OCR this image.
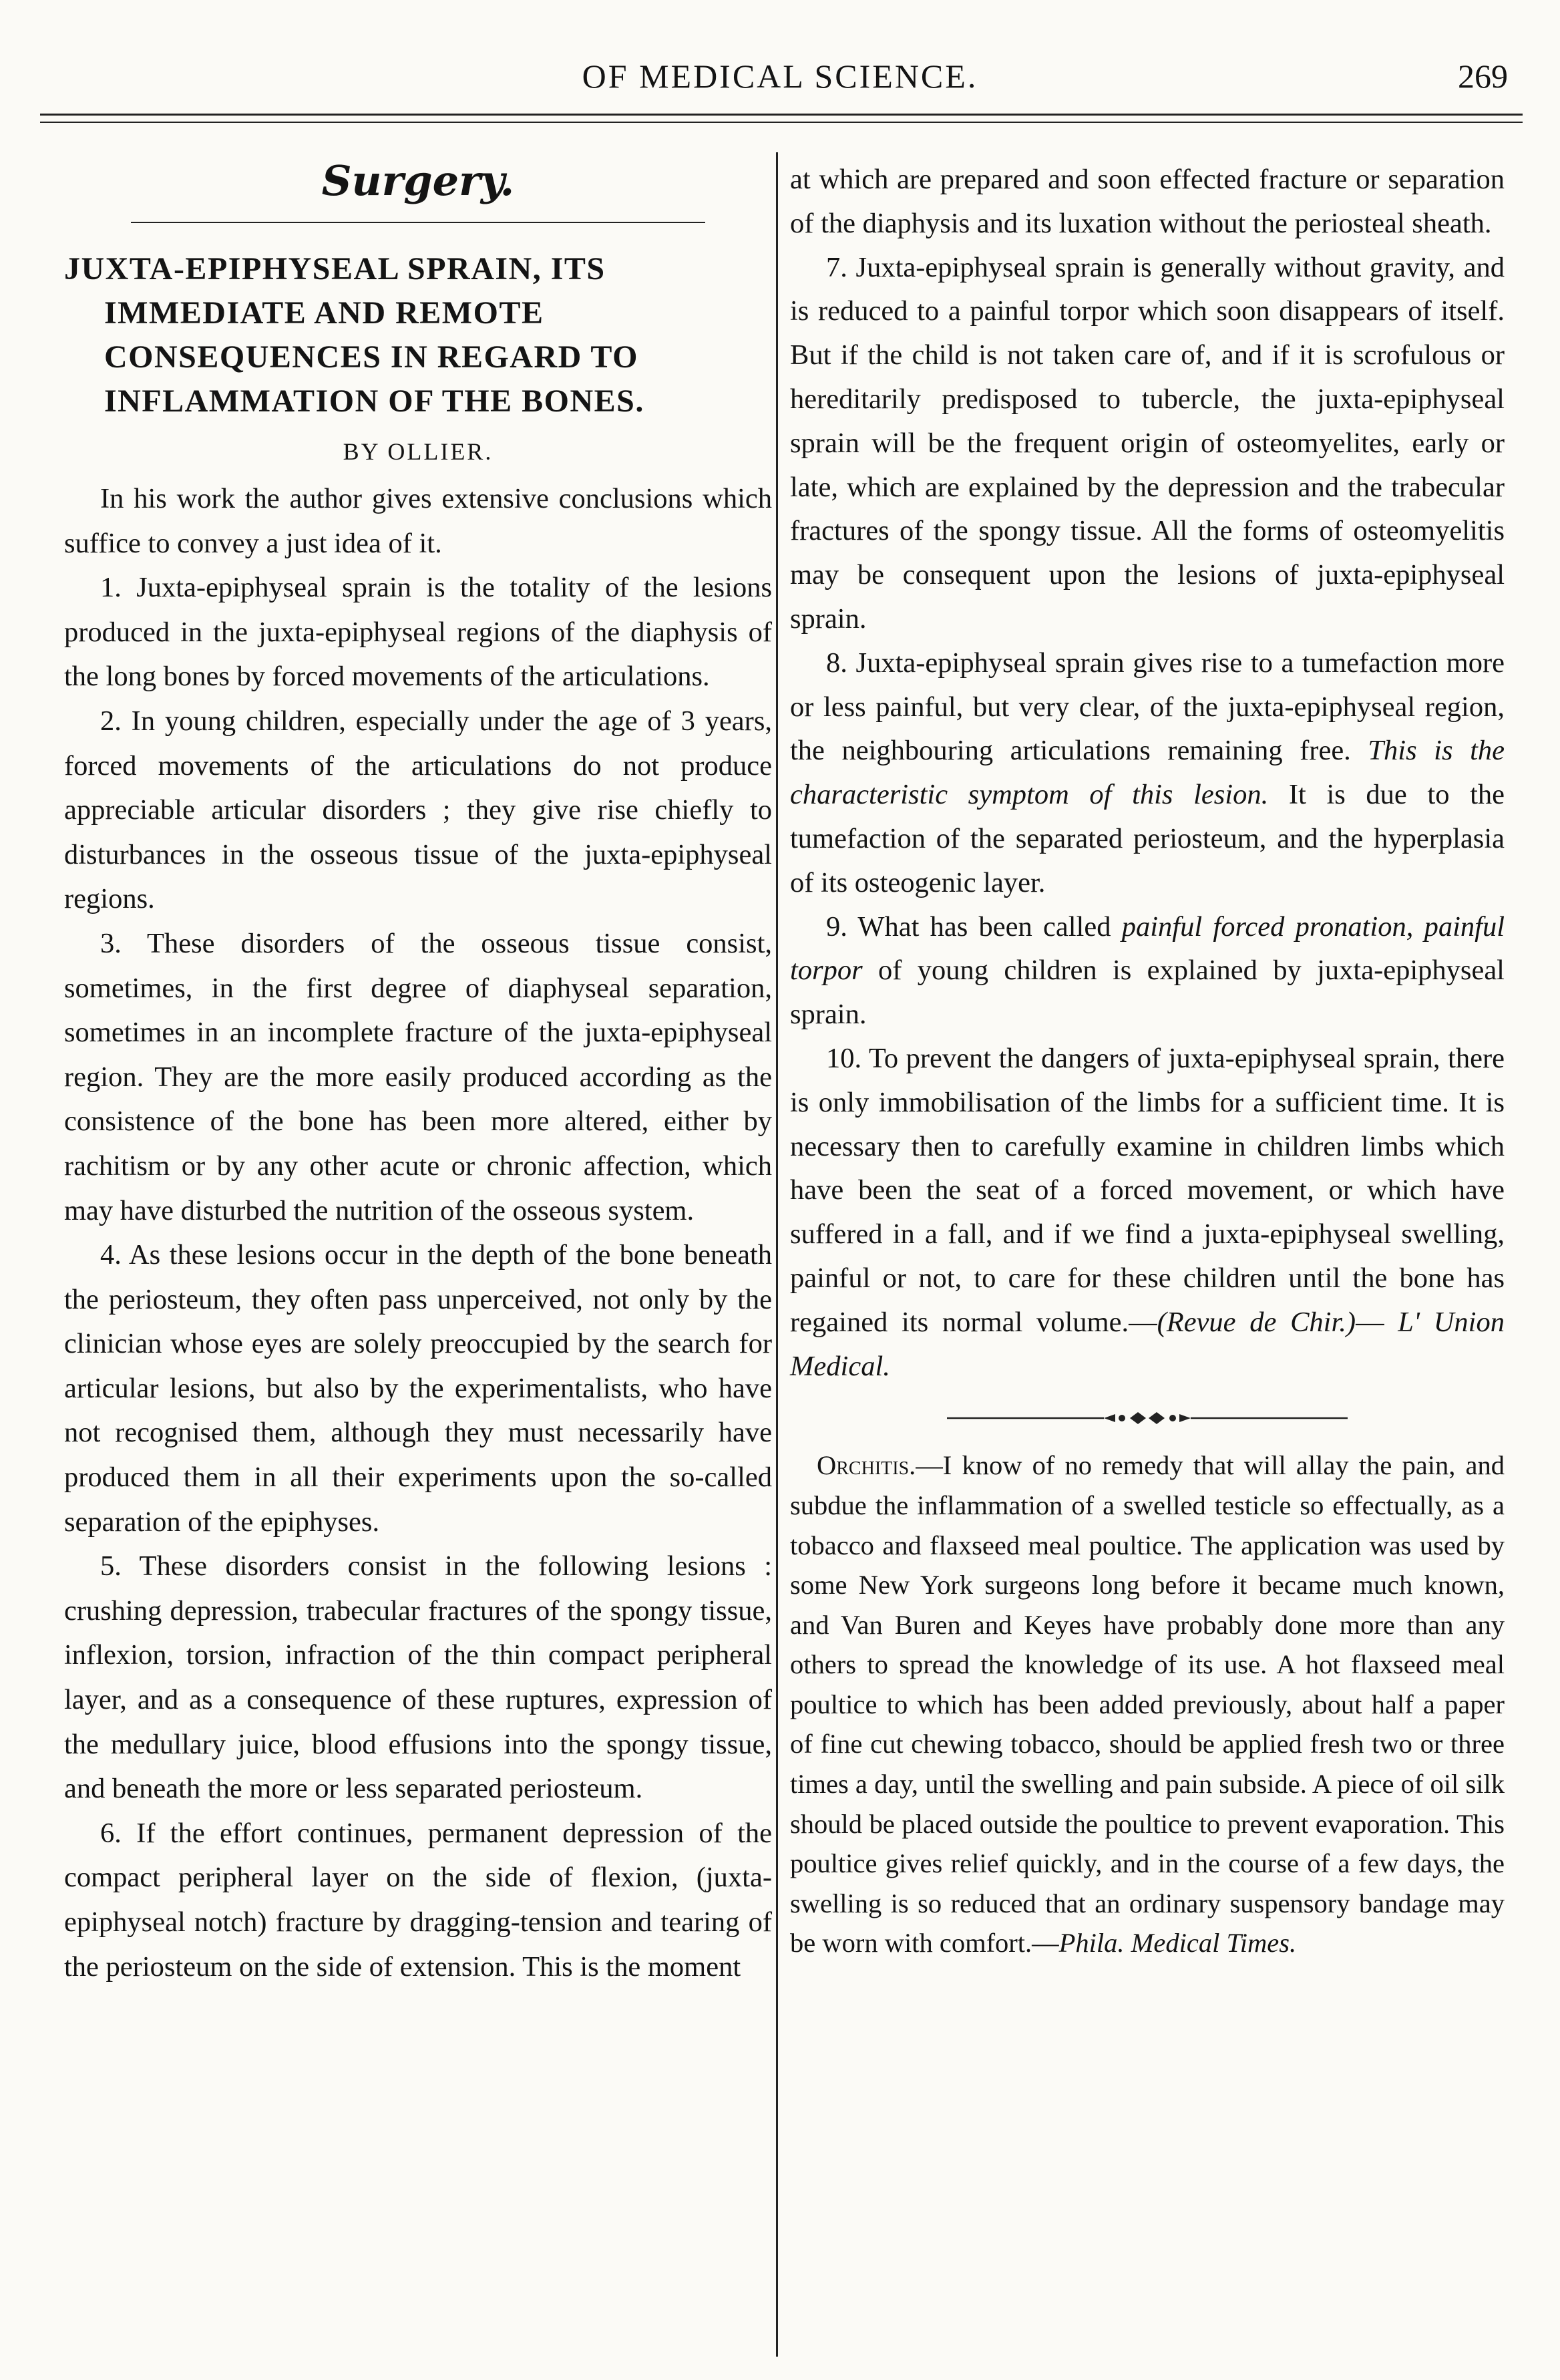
OF MEDICAL SCIENCE.	269
Surgery.
JUXTA-EPIPHYSEAL SPRAIN, ITS IMMEDIATE AND REMOTE CONSEQUENCES IN REGARD TO INFLAMMATION OF THE BONES.
BY OLLIER.

In his work the author gives extensive conclusions which suffice to convey a just idea of it.

1. Juxta-epiphyseal sprain is the totality of the lesions produced in the juxta-epiphyseal regions of the diaphysis of the long bones by forced movements of the articulations.

2. In young children, especially under the age of 3 years, forced movements of the articulations do not produce appreciable articular disorders ; they give rise chiefly to disturbances in the osseous tissue of the juxta-epiphyseal regions.

3. These disorders of the osseous tissue consist, sometimes, in the first degree of diaphyseal separation, sometimes in an incomplete fracture of the juxta-epiphyseal region. They are the more easily produced according as the consistence of the bone has been more altered, either by rachitism or by any other acute or chronic affection, which may have disturbed the nutrition of the osseous system.

4. As these lesions occur in the depth of the bone beneath the periosteum, they often pass unperceived, not only by the clinician whose eyes are solely preoccupied by the search for articular lesions, but also by the experimentalists, who have not recognised them, although they must necessarily have produced them in all their experiments upon the so-called separation of the epiphyses.

5. These disorders consist in the following lesions : crushing depression, trabecular fractures of the spongy tissue, inflexion, torsion, infraction of the thin compact peripheral layer, and as a consequence of these ruptures, expression of the medullary juice, blood effusions into the spongy tissue, and beneath the more or less separated periosteum.

6. If the effort continues, permanent depression of the compact peripheral layer on the side of flexion, (juxta-epiphyseal notch) fracture by dragging-tension and tearing of the periosteum on the side of extension. This is the moment

at which are prepared and soon effected fracture or separation of the diaphysis and its luxation without the periosteal sheath.

7. Juxta-epiphyseal sprain is generally without gravity, and is reduced to a painful torpor which soon disappears of itself. But if the child is not taken care of, and if it is scrofulous or hereditarily predisposed to tubercle, the juxta-epiphyseal sprain will be the frequent origin of osteomyelites, early or late, which are explained by the depression and the trabecular fractures of the spongy tissue. All the forms of osteomyelitis may be consequent upon the lesions of juxta-epiphyseal sprain.

8. Juxta-epiphyseal sprain gives rise to a tumefaction more or less painful, but very clear, of the juxta-epiphyseal region, the neighbouring articulations remaining free. This is the characteristic symptom of this lesion. It is due to the tumefaction of the separated periosteum, and the hyperplasia of its osteogenic layer.

9. What has been called painful forced pronation, painful torpor of young children is explained by juxta-epiphyseal sprain.

10. To prevent the dangers of juxta-epiphyseal sprain, there is only immobilisation of the limbs for a sufficient time. It is necessary then to carefully examine in children limbs which have been the seat of a forced movement, or which have suffered in a fall, and if we find a juxta-epiphyseal swelling, painful or not, to care for these children until the bone has regained its normal volume.—(Revue de Chir.)— L' Union Medical.

Orchitis.—I know of no remedy that will allay the pain, and subdue the inflammation of a swelled testicle so effectually, as a tobacco and flaxseed meal poultice. The application was used by some New York surgeons long before it became much known, and Van Buren and Keyes have probably done more than any others to spread the knowledge of its use. A hot flaxseed meal poultice to which has been added previously, about half a paper of fine cut chewing tobacco, should be applied fresh two or three times a day, until the swelling and pain subside. A piece of oil silk should be placed outside the poultice to prevent evaporation. This poultice gives relief quickly, and in the course of a few days, the swelling is so reduced that an ordinary suspensory bandage may be worn with comfort.—Phila. Medical Times.
